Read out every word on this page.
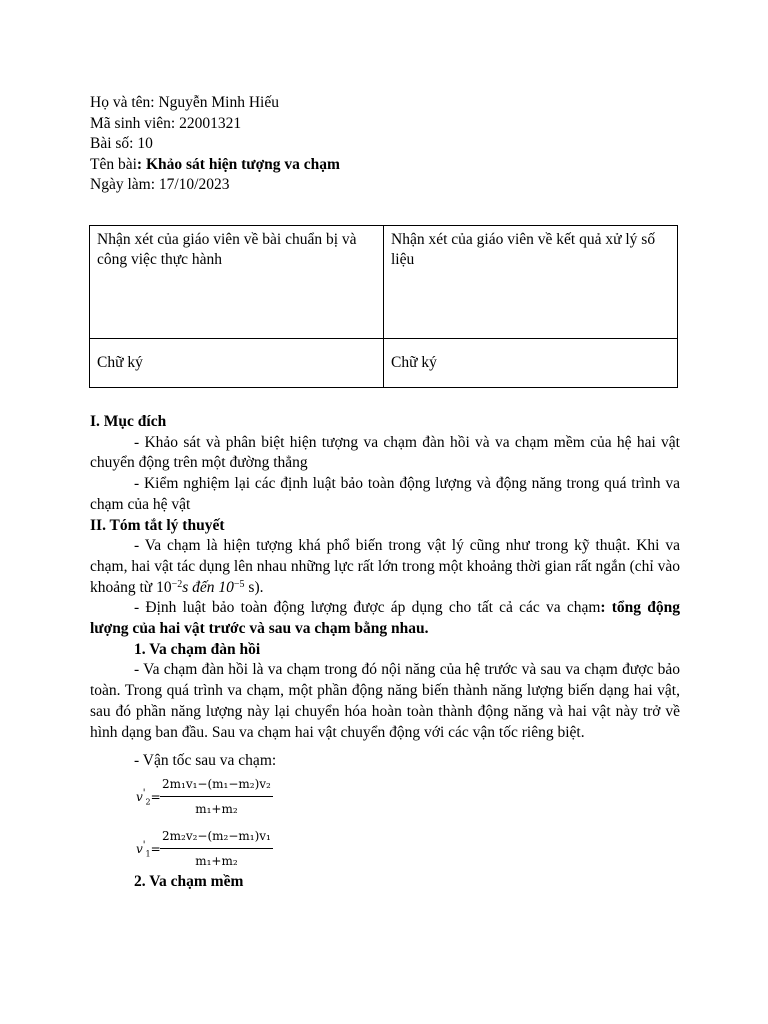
Họ và tên: Nguyễn Minh Hiếu
Mã sinh viên: 22001321
Bài số: 10
Tên bài: Khảo sát hiện tượng va chạm
Ngày làm: 17/10/2023
Nhận xét của giáo viên về bài chuẩn bị và công việc thực hành	Nhận xét của giáo viên về kết quả xử lý số liệu
Chữ ký	Chữ ký

I. Mục đích

- Khảo sát và phân biệt hiện tượng va chạm đàn hồi và va chạm mềm của hệ hai vật chuyển động trên một đường thẳng

- Kiểm nghiệm lại các định luật bảo toàn động lượng và động năng trong quá trình va chạm của hệ vật

II. Tóm tắt lý thuyết

- Va chạm là hiện tượng khá phổ biến trong vật lý cũng như trong kỹ thuật. Khi va chạm, hai vật tác dụng lên nhau những lực rất lớn trong một khoảng thời gian rất ngắn (chỉ vào khoảng từ $10^{-2}s$ đến $10^{-5}$ s).

- Định luật bảo toàn động lượng được áp dụng cho tất cả các va chạm: tổng động lượng của hai vật trước và sau va chạm bằng nhau.

1. Va chạm đàn hồi

- Va chạm đàn hồi là va chạm trong đó nội năng của hệ trước và sau va chạm được bảo toàn. Trong quá trình va chạm, một phần động năng biến thành năng lượng biến dạng hai vật, sau đó phần năng lượng này lại chuyển hóa hoàn toàn thành động năng và hai vật này trở về hình dạng ban đầu. Sau va chạm hai vật chuyển động với các vận tốc riêng biệt.

- Vận tốc sau va chạm:

$v'_2= \frac{\text{2m₁v₁−(m₁−m₂)v₂}}{\text{m₁+m₂}}$
$v'_1= \frac{\text{2m₂v₂−(m₂−m₁)v₁}}{\text{m₁+m₂}}$

2. Va chạm mềm
